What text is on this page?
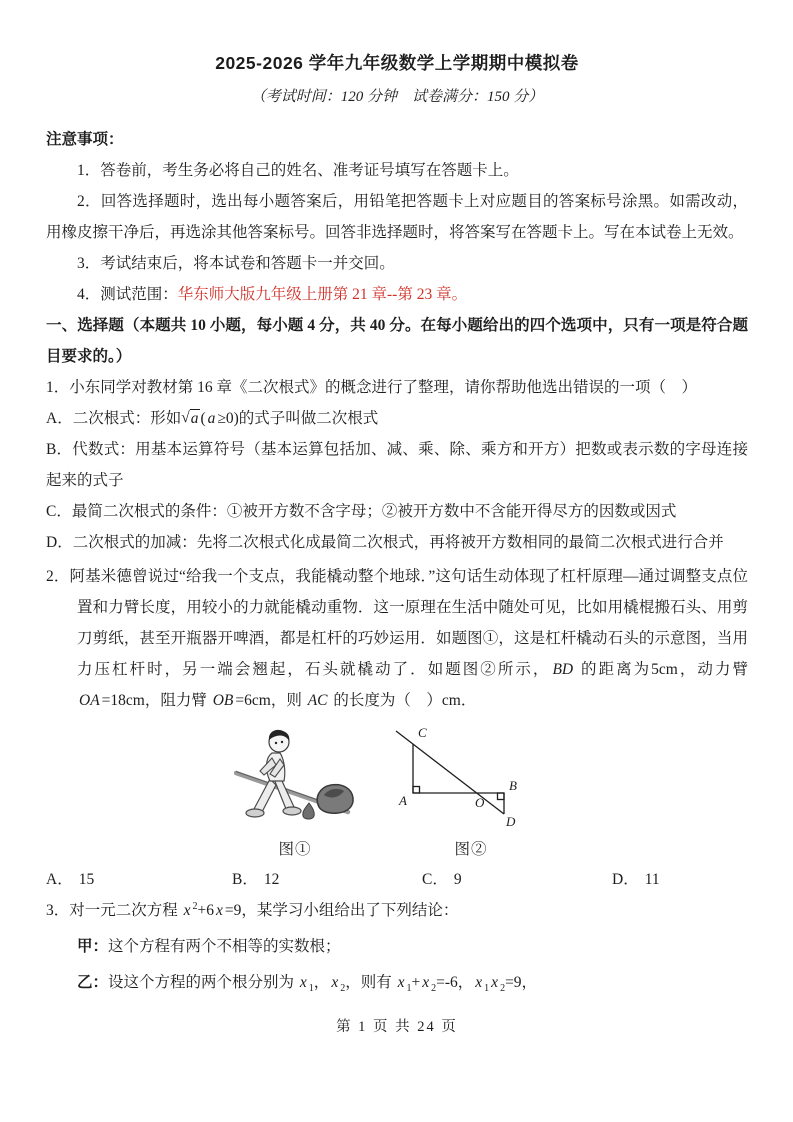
2025-2026 学年九年级数学上学期期中模拟卷

（考试时间：120 分钟　试卷满分：150 分）

注意事项：

1．答卷前，考生务必将自己的姓名、准考证号填写在答题卡上。

2．回答选择题时，选出每小题答案后，用铅笔把答题卡上对应题目的答案标号涂黑。如需改动，用橡皮擦干净后，再选涂其他答案标号。回答非选择题时，将答案写在答题卡上。写在本试卷上无效。

3．考试结束后，将本试卷和答题卡一并交回。

4．测试范围：华东师大版九年级上册第 21 章--第 23 章。

一、选择题（本题共 10 小题，每小题 4 分，共 40 分。在每小题给出的四个选项中，只有一项是符合题目要求的。）

1．小东同学对教材第 16 章《二次根式》的概念进行了整理，请你帮助他选出错误的一项（　）

A．二次根式：形如√a ( a ≥0)的式子叫做二次根式

B．代数式：用基本运算符号（基本运算包括加、减、乘、除、乘方和开方）把数或表示数的字母连接起来的式子

C．最简二次根式的条件：①被开方数不含字母；②被开方数中不含能开得尽方的因数或因式

D．二次根式的加减：先将二次根式化成最简二次根式，再将被开方数相同的最简二次根式进行合并

2．阿基米德曾说过“给我一个支点，我能橇动整个地球．”这句话生动体现了杠杆原理—通过调整支点位置和力臂长度，用较小的力就能橇动重物．这一原理在生活中随处可见，比如用橇棍搬石头、用剪刀剪纸，甚至开瓶器开啤酒，都是杠杆的巧妙运用．如题图①，这是杠杆橇动石头的示意图，当用力压杠杆时，另一端会翘起，石头就橇动了．如题图②所示， BD 的距离为5cm，动力臂 OA =18cm，阻力臂 OB =6cm，则 AC 的长度为（　）cm．

图①
C
A	O
B
D
图②
A． 15	B． 12	C． 9	D． 11

3．对一元二次方程 x $^2$+6 x =9，某学习小组给出了下列结论：

甲：这个方程有两个不相等的实数根；

乙：设这个方程的两个根分别为 x $_1$， x $_2$，则有 x $_1$+ x $_2$=-6， x $_1$ x $_2$=9，

第 1 页 共 24 页
